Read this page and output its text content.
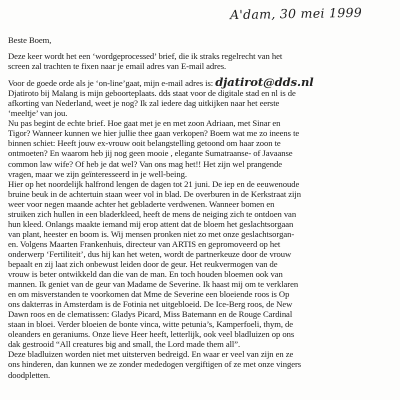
A'dam, 30 mei 1999

Beste Boem,

Deze keer wordt het een ‘wordgeprocessed’ brief, die ik straks regelrecht van het

screen zal trachten te fixen naar je email adres van E-mail adres.

Voor de goede orde als je ‘on-line’gaat, mijn e-mail adres is: djatirot@dds.nl

Djatiroto bij Malang is mijn geboorteplaats. dds staat voor de digitale stad en nl is de

afkorting van Nederland, weet je nog? Ik zal iedere dag uitkijken naar het eerste

‘meeltje’ van jou.

Nu pas begint de echte brief. Hoe gaat met je en met zoon Adriaan, met Sinar en

Tigor? Wanneer kunnen we hier jullie thee gaan verkopen? Boem wat me zo ineens te

binnen schiet: Heeft jouw ex-vrouw ooit belangstelling getoond om haar zoon te

ontmoeten? En waarom heb jij nog geen mooie , elegante Sumatraanse- of Javaanse

common law wife? Of heb je dat wel? Van ons mag het!! Het zijn wel prangende

vragen, maar we zijn geïnteresseerd in je well-being.

Hier op het noordelijk halfrond lengen de dagen tot 21 juni. De iep en de eeuwenoude

bruine beuk in de achtertuin staan weer vol in blad. De overburen in de Kerkstraat zijn

weer voor negen maande achter het gebladerte verdwenen. Wanneer bomen en

struiken zich hullen in een bladerkleed, heeft de mens de neiging zich te ontdoen van

hun kleed. Onlangs maakte iemand mij erop attent dat de bloem het geslachtsorgaan

van plant, heester en boom is. Wij mensen pronken niet zo met onze geslachtsorgan-

en. Volgens Maarten Frankenhuis, directeur van ARTIS en gepromoveerd op het

onderwerp ‘Fertiliteit’, dus hij kan het weten, wordt de partnerkeuze door de vrouw

bepaalt en zij laat zich onbewust leiden door de geur. Het reukvermogen van de

vrouw is beter ontwikkeld dan die van de man. En toch houden bloemen ook van

mannen. Ik geniet van de geur van Madame de Severine. Ik haast mij om te verklaren

en om misverstanden te voorkomen dat Mme de Severine een bloeiende roos is Op

ons dakterras in Amsterdam is de Fotinia net uitgebloeid. De Ice-Berg roos, de New

Dawn roos en de clematissen: Gladys Picard, Miss Batemann en de Rouge Cardinal

staan in bloei. Verder bloeien de bonte vinca, witte petunia’s, Kamperfoeli, thym, de

oleanders en geraniums. Onze lieve Heer heeft, letterlijk, ook veel bladluizen op ons

dak gestrooid “All creatures big and small, the Lord made them all”.

Deze bladluizen worden niet met uitsterven bedreigd. En waar er veel van zijn en ze

ons hinderen, dan kunnen we ze zonder mededogen vergiftigen of ze met onze vingers

doodpletten.
